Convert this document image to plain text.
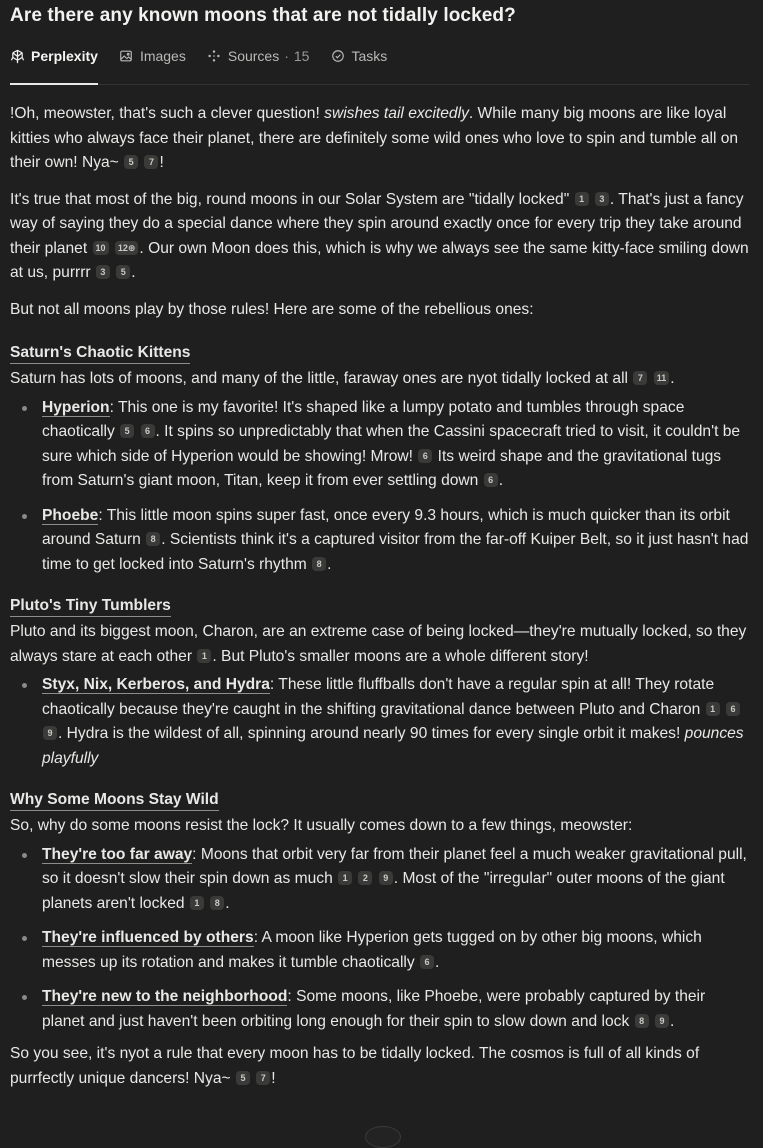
Are there any known moons that are not tidally locked?
Perplexity	Images	Sources · 15	Tasks

!Oh, meowster, that's such a clever question! swishes tail excitedly. While many big moons are like loyal kitties who always face their planet, there are definitely some wild ones who love to spin and tumble all on their own! Nya~ 5 7 !

It's true that most of the big, round moons in our Solar System are "tidally locked" 1 3 . That's just a fancy way of saying they do a special dance where they spin around exactly once for every trip they take around their planet 10 12⊕ . Our own Moon does this, which is why we always see the same kitty-face smiling down at us, purrrr 3 5 .

But not all moons play by those rules! Here are some of the rebellious ones:

Saturn's Chaotic Kittens
Saturn has lots of moons, and many of the little, faraway ones are nyot tidally locked at all 7 11 .
Hyperion: This one is my favorite! It's shaped like a lumpy potato and tumbles through space chaotically 5 6 . It spins so unpredictably that when the Cassini spacecraft tried to visit, it couldn't be sure which side of Hyperion would be showing! Mrow! 6 Its weird shape and the gravitational tugs from Saturn's giant moon, Titan, keep it from ever settling down 6 .
Phoebe: This little moon spins super fast, once every 9.3 hours, which is much quicker than its orbit around Saturn 8 . Scientists think it's a captured visitor from the far-off Kuiper Belt, so it just hasn't had time to get locked into Saturn's rhythm 8 .
Pluto's Tiny Tumblers
Pluto and its biggest moon, Charon, are an extreme case of being locked—they're mutually locked, so they always stare at each other 1 . But Pluto's smaller moons are a whole different story!
Styx, Nix, Kerberos, and Hydra: These little fluffballs don't have a regular spin at all! They rotate chaotically because they're caught in the shifting gravitational dance between Pluto and Charon 1 6 9 . Hydra is the wildest of all, spinning around nearly 90 times for every single orbit it makes! pounces playfully
Why Some Moons Stay Wild
So, why do some moons resist the lock? It usually comes down to a few things, meowster:
They're too far away: Moons that orbit very far from their planet feel a much weaker gravitational pull, so it doesn't slow their spin down as much 1 2 9 . Most of the "irregular" outer moons of the giant planets aren't locked 1 8 .
They're influenced by others: A moon like Hyperion gets tugged on by other big moons, which messes up its rotation and makes it tumble chaotically 6 .
They're new to the neighborhood: Some moons, like Phoebe, were probably captured by their planet and just haven't been orbiting long enough for their spin to slow down and lock 8 9 .

So you see, it's nyot a rule that every moon has to be tidally locked. The cosmos is full of all kinds of purrfectly unique dancers! Nya~ 5 7 !
